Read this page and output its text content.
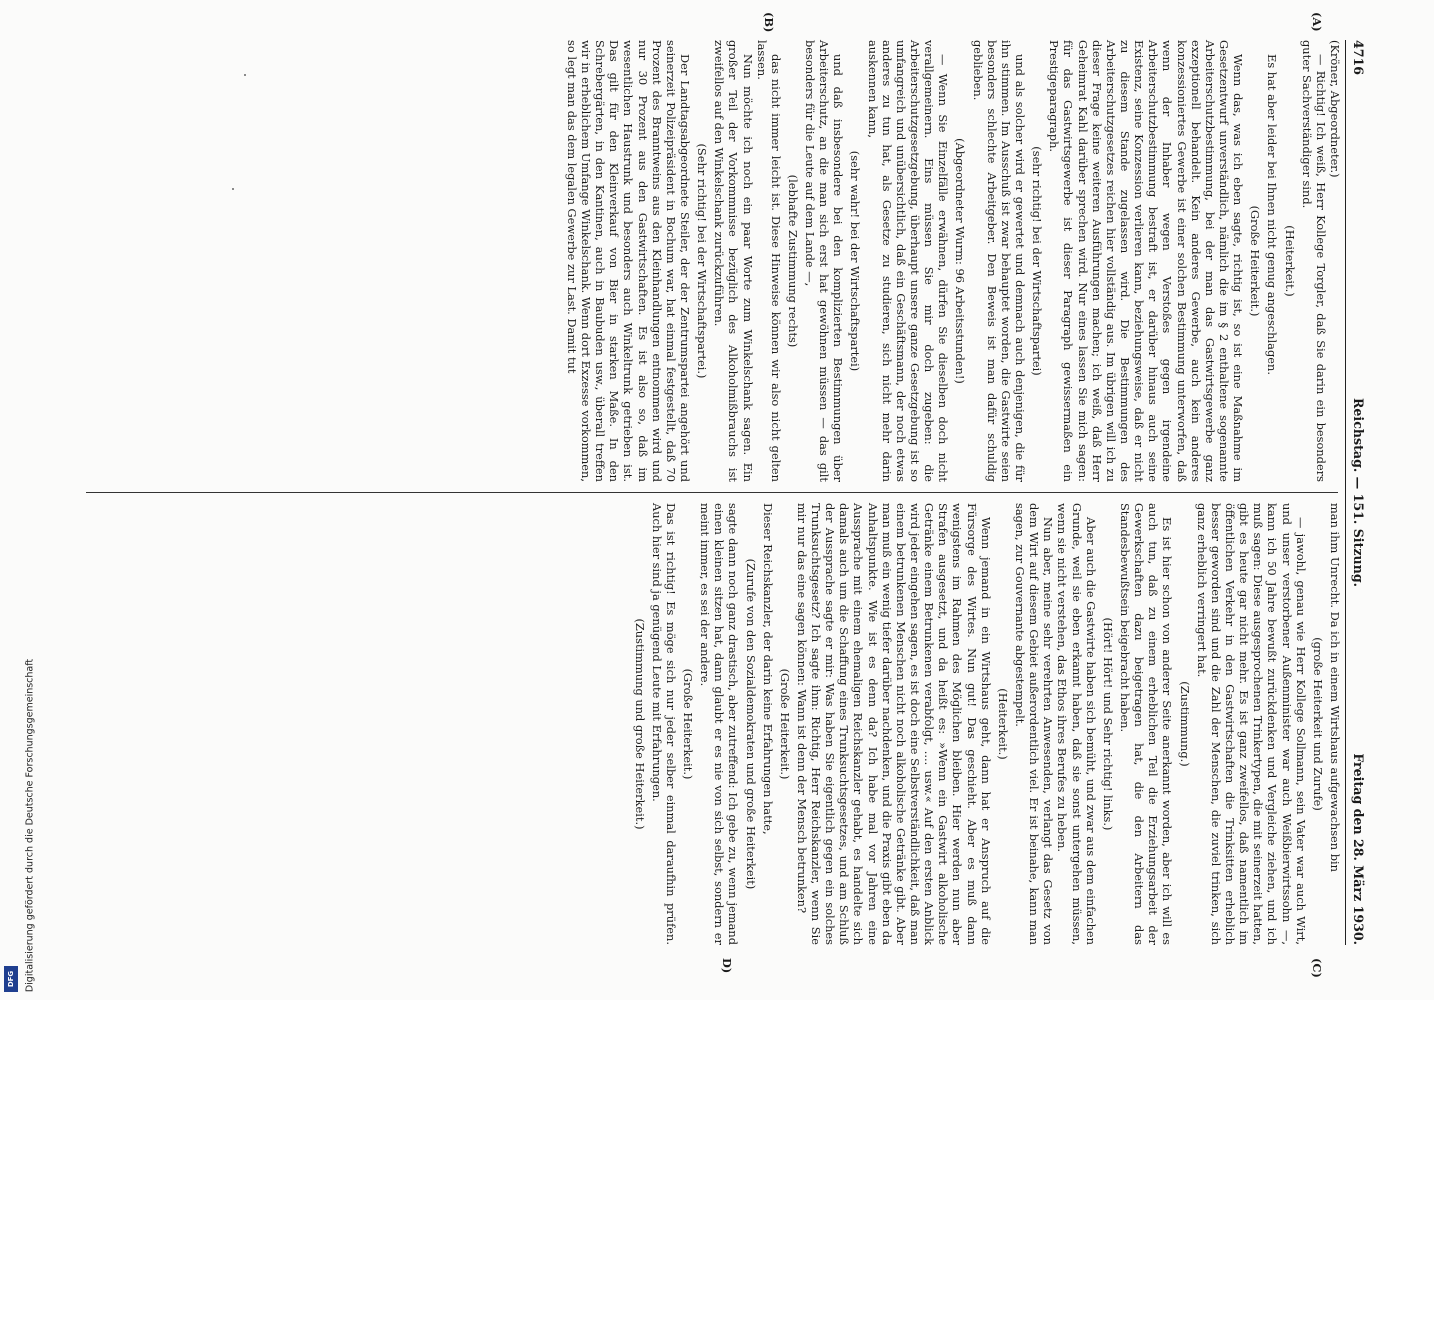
4716
Reichstag. — 151. Sitzung.
Freitag den 28. März 1930.
(A)
(B)
(C)
D)

(Kröner, Abgeordneter.)

— Richtig! Ich weiß, Herr Kollege Torgler, daß Sie darin ein besonders guter Sachverständiger sind.

(Heiterkeit.)

Es hat aber leider bei Ihnen nicht genug angeschlagen.

(Große Heiterkeit.)

Wenn das, was ich eben sagte, richtig ist, so ist eine Maßnahme im Gesetzentwurf unverständlich, nämlich die im § 2 enthaltene sogenannte Arbeiterschutzbestimmung, bei der man das Gastwirtsgewerbe ganz exzeptionell behandelt. Kein anderes Gewerbe, auch kein anderes konzessioniertes Gewerbe ist einer solchen Bestimmung unterworfen, daß wenn der Inhaber wegen Verstoßes gegen irgendeine Arbeiterschutzbestimmung bestraft ist, er darüber hinaus auch seine Existenz, seine Konzession verlieren kann, beziehungsweise, daß er nicht zu diesem Stande zugelassen wird. Die Bestimmungen des Arbeiterschutzgesetzes reichen hier vollständig aus. Im übrigen will ich zu dieser Frage keine weiteren Ausführungen machen; ich weiß, daß Herr Geheimrat Kahl darüber sprechen wird. Nur eines lassen Sie mich sagen: für das Gastwirtsgewerbe ist dieser Paragraph gewissermaßen ein Prestigeparagraph.

(sehr richtig! bei der Wirtschaftspartei)

und als solcher wird er gewertet und demnach auch denjenigen, die für ihn stimmen. Im Ausschuß ist zwar behauptet worden, die Gastwirte seien besonders schlechte Arbeitgeber. Den Beweis ist man dafür schuldig geblieben.

(Abgeordneter Wurm: 96 Arbeitsstunden!)

— Wenn Sie Einzelfälle erwähnen, dürfen Sie dieselben doch nicht verallgemeinern. Eins müssen Sie mir doch zugeben: die Arbeiterschutzgesetzgebung, überhaupt unsere ganze Gesetzgebung ist so umfangreich und unübersichtlich, daß ein Geschäftsmann, der noch etwas anderes zu tun hat, als Gesetze zu studieren, sich nicht mehr darin auskennen kann,

(sehr wahr! bei der Wirtschaftspartei)

und daß insbesondere bei den komplizierten Bestimmungen über Arbeiterschutz, an die man sich erst hat gewöhnen müssen — das gilt besonders für die Leute auf dem Lande —,

(lebhafte Zustimmung rechts)

das nicht immer leicht ist. Diese Hinweise können wir also nicht gelten lassen.

Nun möchte ich noch ein paar Worte zum Winkelschank sagen. Ein großer Teil der Vorkommnisse bezüglich des Alkoholmißbrauchs ist zweifellos auf den Winkelschank zurückzuführen.

(Sehr richtig! bei der Wirtschaftspartei.)

Der Landtagsabgeordnete Steiler, der der Zentrumspartei angehört und seinerzeit Polizeipräsident in Bochum war, hat einmal festgestellt, daß 70 Prozent des Branntweins aus den Kleinhandlungen entnommen wird und nur 30 Prozent aus den Gastwirtschaften. Es ist also so, daß im wesentlichen Haustrunk und besonders auch Winkeltrunk getrieben ist. Das gilt für den Kleinverkauf von Bier in starken Maße. In den Schrebergärten, in den Kantinen, auch in Baubuden usw., überall treffen wir in erheblichem Umfange Winkelschank. Wenn dort Exzesse vorkommen, so legt man das dem legalen Gewerbe zur Last. Damit tut

man ihm Unrecht. Da ich in einem Wirtshaus aufgewachsen bin

(große Heiterkeit und Zurufe)

— jawohl, genau wie Herr Kollege Sollmann, sein Vater war auch Wirt, und unser verstorbener Außenminister war auch Weißbierwirtssohn —, kann ich 50 Jahre bewußt zurückdenken und Vergleiche ziehen, und ich muß sagen: Diese ausgesprochenen Trinkertypen, die mit seinerzeit hatten, gibt es heute gar nicht mehr. Es ist ganz zweifellos, daß namentlich im öffentlichen Verkehr in den Gastwirtschaften die Trinksitten erheblich besser geworden sind und die Zahl der Menschen, die zuviel trinken, sich ganz erheblich verringert hat.

(Zustimmung.)

Es ist hier schon von anderer Seite anerkannt worden, aber ich will es auch tun, daß zu einem erheblichen Teil die Erziehungsarbeit der Gewerkschaften dazu beigetragen hat, die den Arbeitern das Standesbewußtsein beigebracht haben.

(Hört! Hört! und Sehr richtig! links.)

Aber auch die Gastwirte haben sich bemüht, und zwar aus dem einfachen Grunde, weil sie eben erkannt haben, daß sie sonst untergehen müssen, wenn sie nicht verstehen, das Ethos ihres Berufes zu heben.

Nun aber, meine sehr verehrten Anwesenden, verlangt das Gesetz von dem Wirt auf diesem Gebiet außerordentlich viel. Er ist beinahe, kann man sagen, zur Gouvernante abgestempelt.

(Heiterkeit.)

Wenn jemand in ein Wirtshaus geht, dann hat er Anspruch auf die Fürsorge des Wirtes. Nun gut! Das geschieht. Aber es muß dann wenigstens im Rahmen des Möglichen bleiben. Hier werden nun aber Strafen ausgesetzt, und da heißt es: »Wenn ein Gastwirt alkoholische Getränke einem Betrunkenen verabfolgt, .... usw.« Auf den ersten Anblick wird jeder eingehen sagen, es ist doch eine Selbstverständlichkeit, daß man einem betrunkenen Menschen nicht noch alkoholische Getränke gibt. Aber man muß ein wenig tiefer darüber nachdenken, und die Praxis gibt eben da Anhaltspunkte. Wie ist es denn da? Ich habe mal vor Jahren eine Aussprache mit einem ehemaligen Reichskanzler gehabt, es handelte sich damals auch um die Schaffung eines Trunksuchtsgesetzes, und am Schluß der Aussprache sagte er mir: Was haben Sie eigentlich gegen ein solches Trunksuchtsgesetz? Ich sagte ihm: Richtig, Herr Reichskanzler, wenn Sie mir nur das eine sagen können: Wann ist denn der Mensch betrunken?

(Große Heiterkeit.)

Dieser Reichskanzler, der darin keine Erfahrungen hatte,

(Zurufe von den Sozialdemokraten und große Heiterkeit)

sagte dann noch ganz drastisch, aber zutreffend: Ich gebe zu, wenn jemand einen kleinen sitzen hat, dann glaubt er es nie von sich selbst, sondern er meint immer, es sei der andere.

(Große Heiterkeit.)

Das ist richtig! Es möge sich nur jeder selber einmal daraufhin prüfen. Auch hier sind ja genügend Leute mit Erfahrungen.

(Zustimmung und große Heiterkeit.)

Digitalisierung gefördert durch die Deutsche Forschungsgemeinschaft
DFG
